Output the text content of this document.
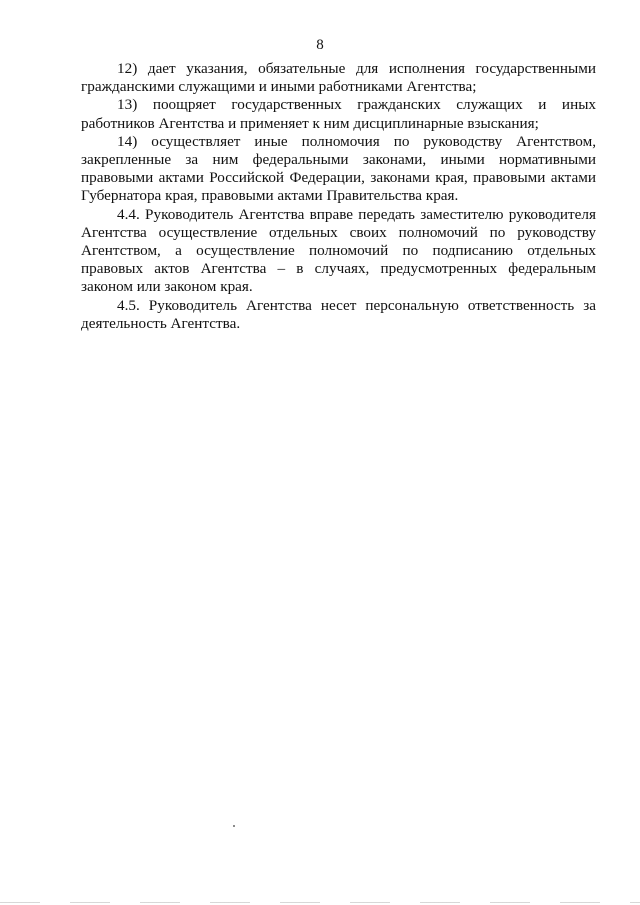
8

12) дает указания, обязательные для исполнения государственными гражданскими служащими и иными работниками Агентства;

13) поощряет государственных гражданских служащих и иных работников Агентства и применяет к ним дисциплинарные взыскания;

14) осуществляет иные полномочия по руководству Агентством, закрепленные за ним федеральными законами, иными нормативными правовыми актами Российской Федерации, законами края, правовыми актами Губернатора края, правовыми актами Правительства края.

4.4. Руководитель Агентства вправе передать заместителю руководителя Агентства осуществление отдельных своих полномочий по руководству Агентством, а осуществление полномочий по подписанию отдельных правовых актов Агентства – в случаях, предусмотренных федеральным законом или законом края.

4.5. Руководитель Агентства несет персональную ответственность за деятельность Агентства.
